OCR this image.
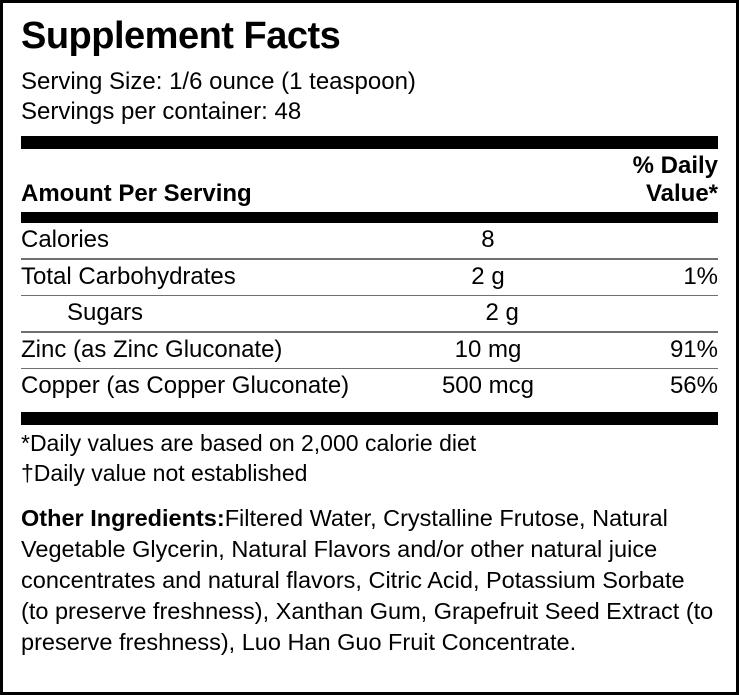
Supplement Facts
Serving Size: 1/6 ounce (1 teaspoon)
Servings per container: 48
Amount Per Serving		% Daily Value*
Calories	8	
Total Carbohydrates	2 g	1%
Sugars	2 g	
Zinc (as Zinc Gluconate)	10 mg	91%
Copper (as Copper Gluconate)	500 mcg	56%
*Daily values are based on 2,000 calorie diet
†Daily value not established
Other Ingredients:Filtered Water, Crystalline Frutose, Natural Vegetable Glycerin, Natural Flavors and/or other natural juice concentrates and natural flavors, Citric Acid, Potassium Sorbate (to preserve freshness), Xanthan Gum, Grapefruit Seed Extract (to preserve freshness), Luo Han Guo Fruit Concentrate.
